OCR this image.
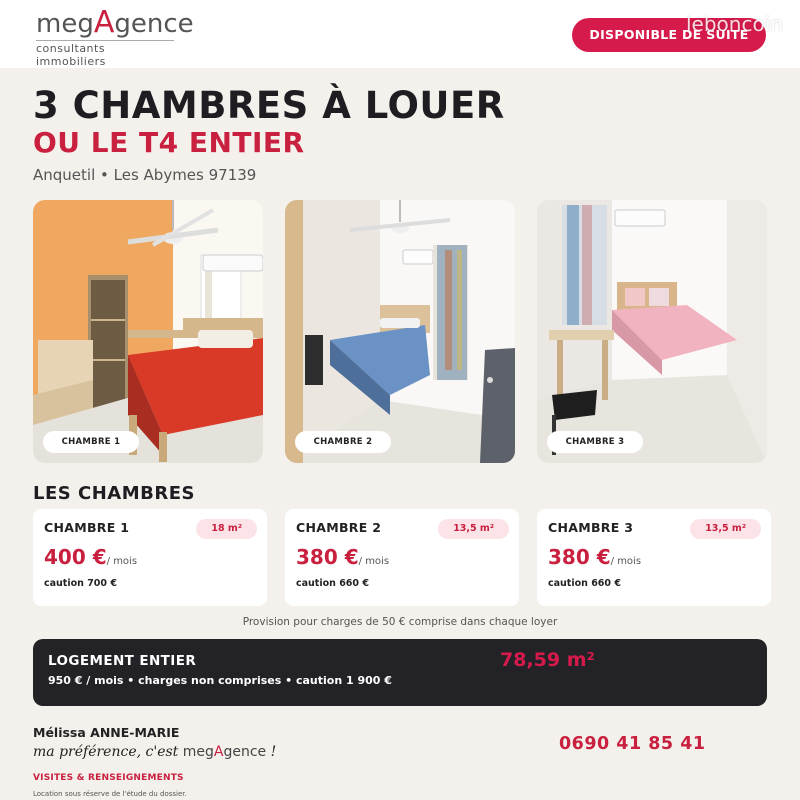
megAgence
consultants immobiliers
DISPONIBLE DE SUITE
leboncoin
3 CHAMBRES À LOUER
OU LE T4 ENTIER
Anquetil • Les Abymes 97139
CHAMBRE 1	CHAMBRE 2	CHAMBRE 3
LES CHAMBRES
CHAMBRE 1	18 m²
400 €/ mois
caution 700 €
CHAMBRE 2	13,5 m²
380 €/ mois
caution 660 €
CHAMBRE 3	13,5 m²
380 €/ mois
caution 660 €
Provision pour charges de 50 € comprise dans chaque loyer
LOGEMENT ENTIER
950 € / mois • charges non comprises • caution 1 900 €
78,59 m²
Mélissa ANNE-MARIE
ma préférence, c'est megAgence !
VISITES & RENSEIGNEMENTS
Location sous réserve de l'étude du dossier.
0690 41 85 41
